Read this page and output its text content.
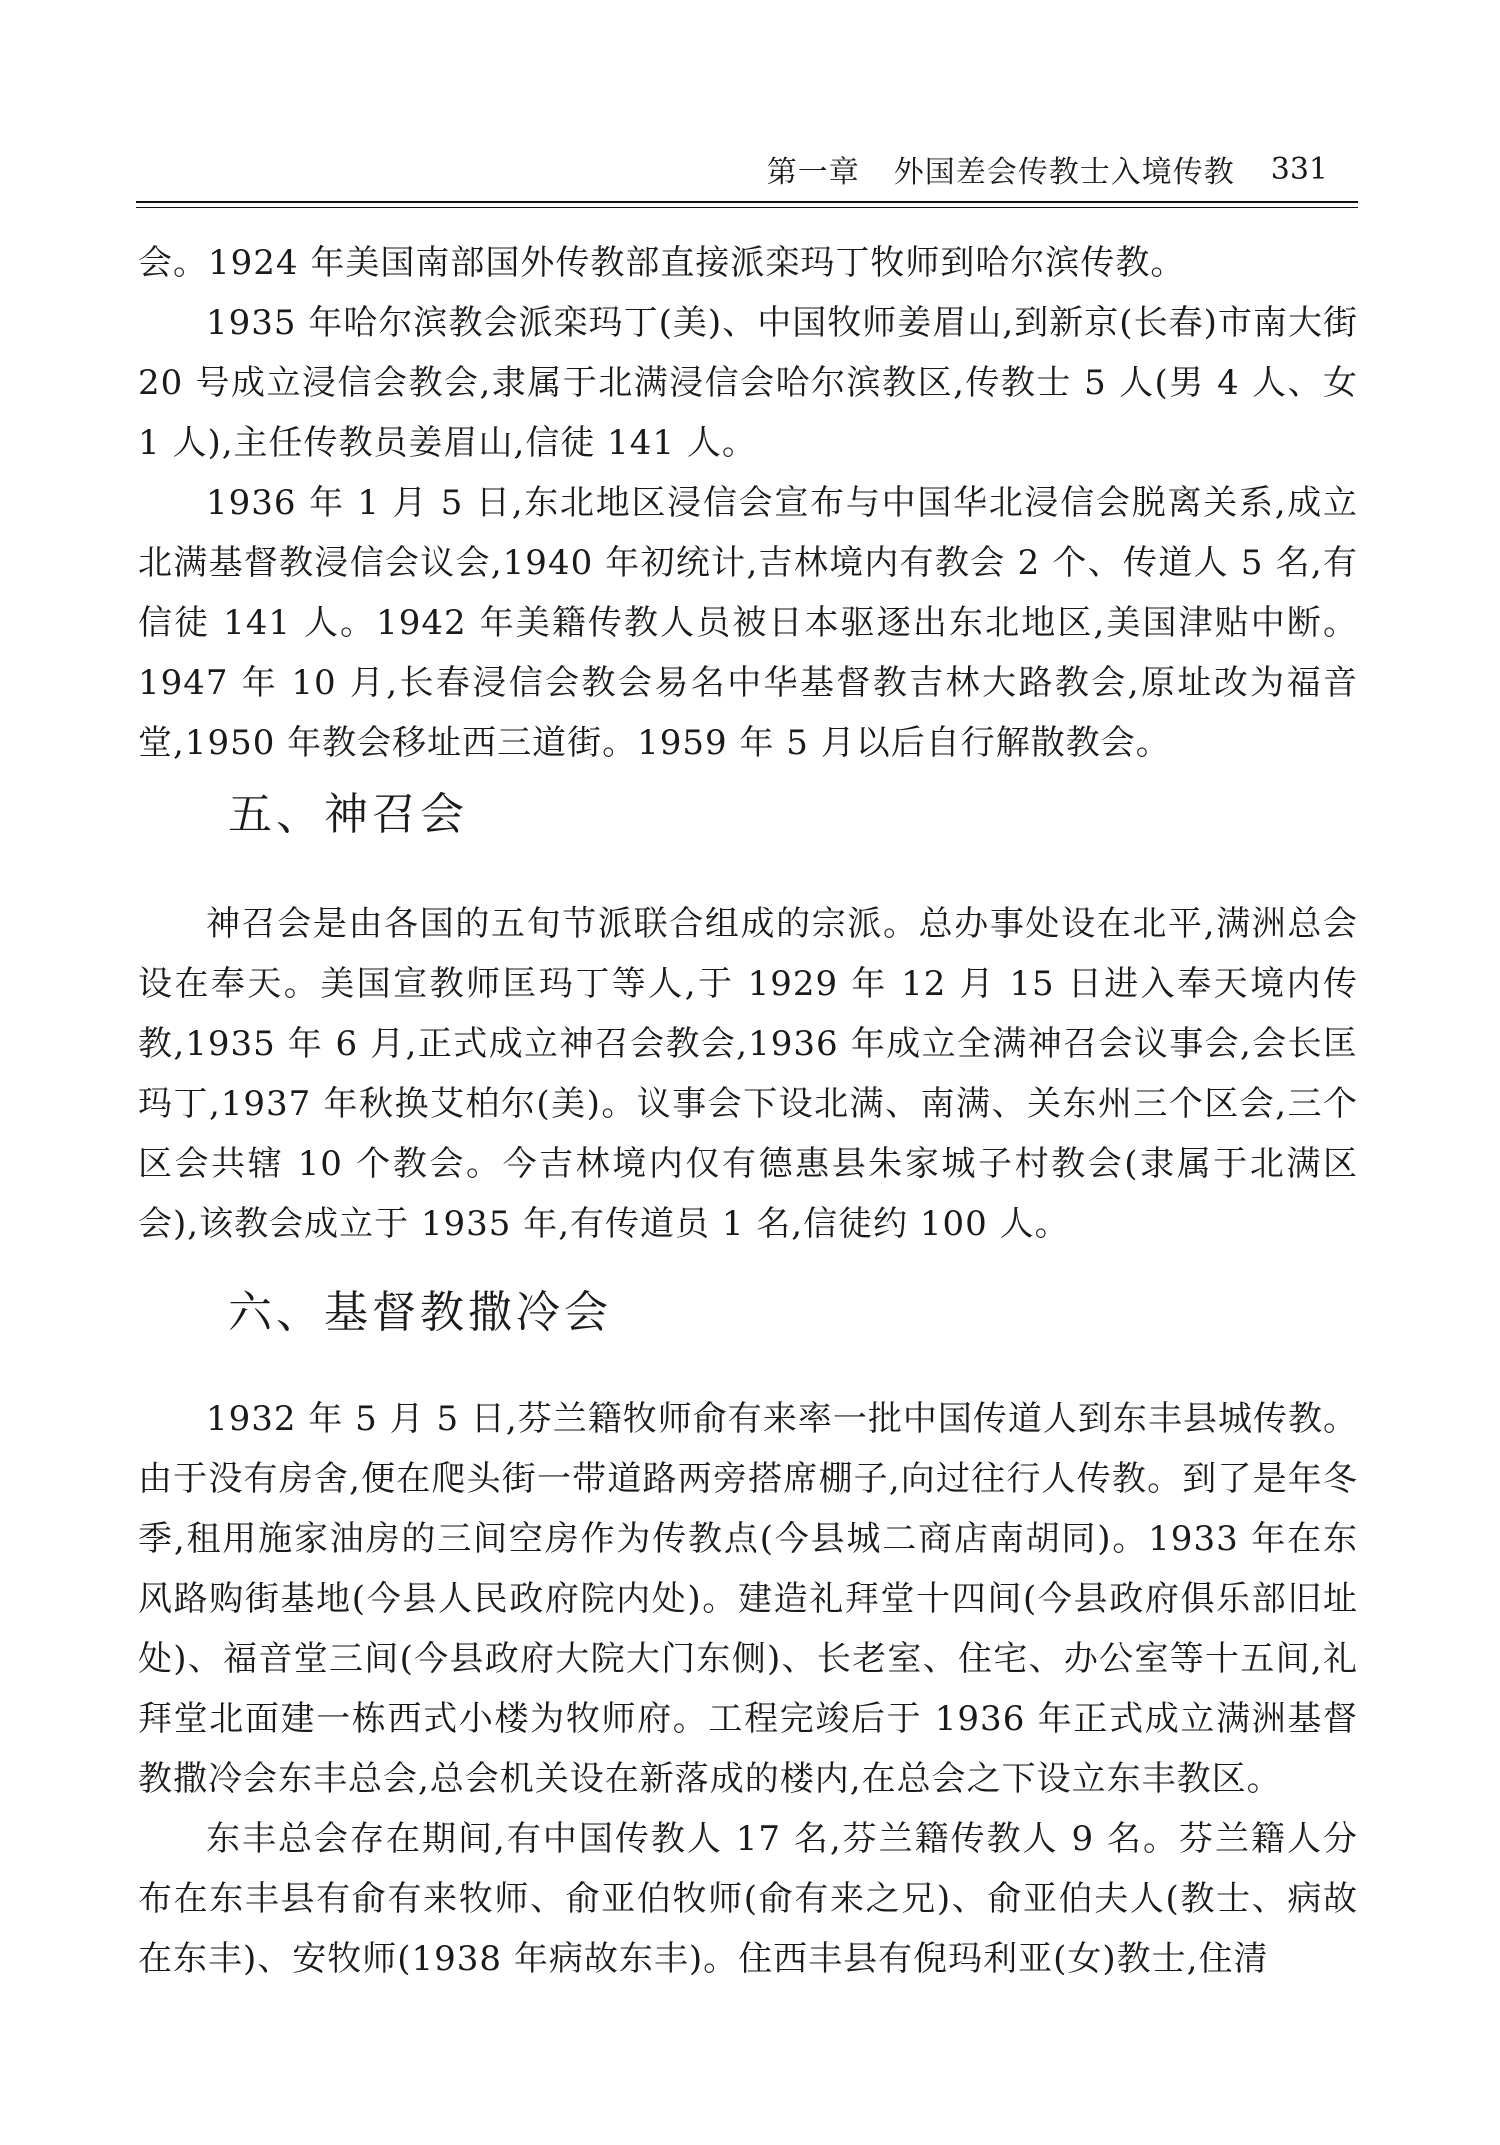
第一章 外国差会传教士入境传教 331

会。1924 年美国南部国外传教部直接派栾玛丁牧师到哈尔滨传教。

1935 年哈尔滨教会派栾玛丁(美)、中国牧师姜眉山,到新京(长春)市南大街 20 号成立浸信会教会,隶属于北满浸信会哈尔滨教区,传教士 5 人(男 4 人、女 1 人),主任传教员姜眉山,信徒 141 人。

1936 年 1 月 5 日,东北地区浸信会宣布与中国华北浸信会脱离关系,成立北满基督教浸信会议会,1940 年初统计,吉林境内有教会 2 个、传道人 5 名,有信徒 141 人。1942 年美籍传教人员被日本驱逐出东北地区,美国津贴中断。1947 年 10 月,长春浸信会教会易名中华基督教吉林大路教会,原址改为福音堂,1950 年教会移址西三道街。1959 年 5 月以后自行解散教会。

五、神召会

神召会是由各国的五旬节派联合组成的宗派。总办事处设在北平,满洲总会设在奉天。美国宣教师匡玛丁等人,于 1929 年 12 月 15 日进入奉天境内传教,1935 年 6 月,正式成立神召会教会,1936 年成立全满神召会议事会,会长匡玛丁,1937 年秋换艾柏尔(美)。议事会下设北满、南满、关东州三个区会,三个区会共辖 10 个教会。今吉林境内仅有德惠县朱家城子村教会(隶属于北满区会),该教会成立于 1935 年,有传道员 1 名,信徒约 100 人。

六、基督教撒冷会

1932 年 5 月 5 日,芬兰籍牧师俞有来率一批中国传道人到东丰县城传教。由于没有房舍,便在爬头街一带道路两旁搭席棚子,向过往行人传教。到了是年冬季,租用施家油房的三间空房作为传教点(今县城二商店南胡同)。1933 年在东风路购街基地(今县人民政府院内处)。建造礼拜堂十四间(今县政府俱乐部旧址处)、福音堂三间(今县政府大院大门东侧)、长老室、住宅、办公室等十五间,礼拜堂北面建一栋西式小楼为牧师府。工程完竣后于 1936 年正式成立满洲基督教撒冷会东丰总会,总会机关设在新落成的楼内,在总会之下设立东丰教区。

东丰总会存在期间,有中国传教人 17 名,芬兰籍传教人 9 名。芬兰籍人分布在东丰县有俞有来牧师、俞亚伯牧师(俞有来之兄)、俞亚伯夫人(教士、病故在东丰)、安牧师(1938 年病故东丰)。住西丰县有倪玛利亚(女)教士,住清
